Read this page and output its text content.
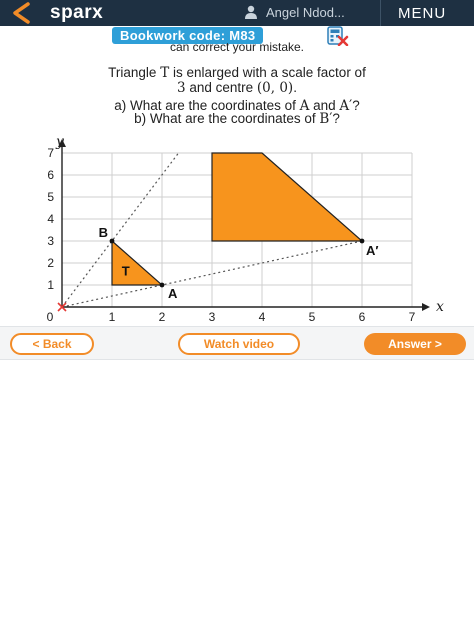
sparx	Angel Ndod...	MENU
Bookwork code: M83
can correct your mistake.
Triangle T is enlarged with a scale factor of
3 and centre (0, 0).
a) What are the coordinates of A and A′?
b) What are the coordinates of B′?
0	1	2	3	4	5	6	7
1
2
3
4
5
6
7
x
y
T
A
B
A′
< Back	Watch video	Answer >
